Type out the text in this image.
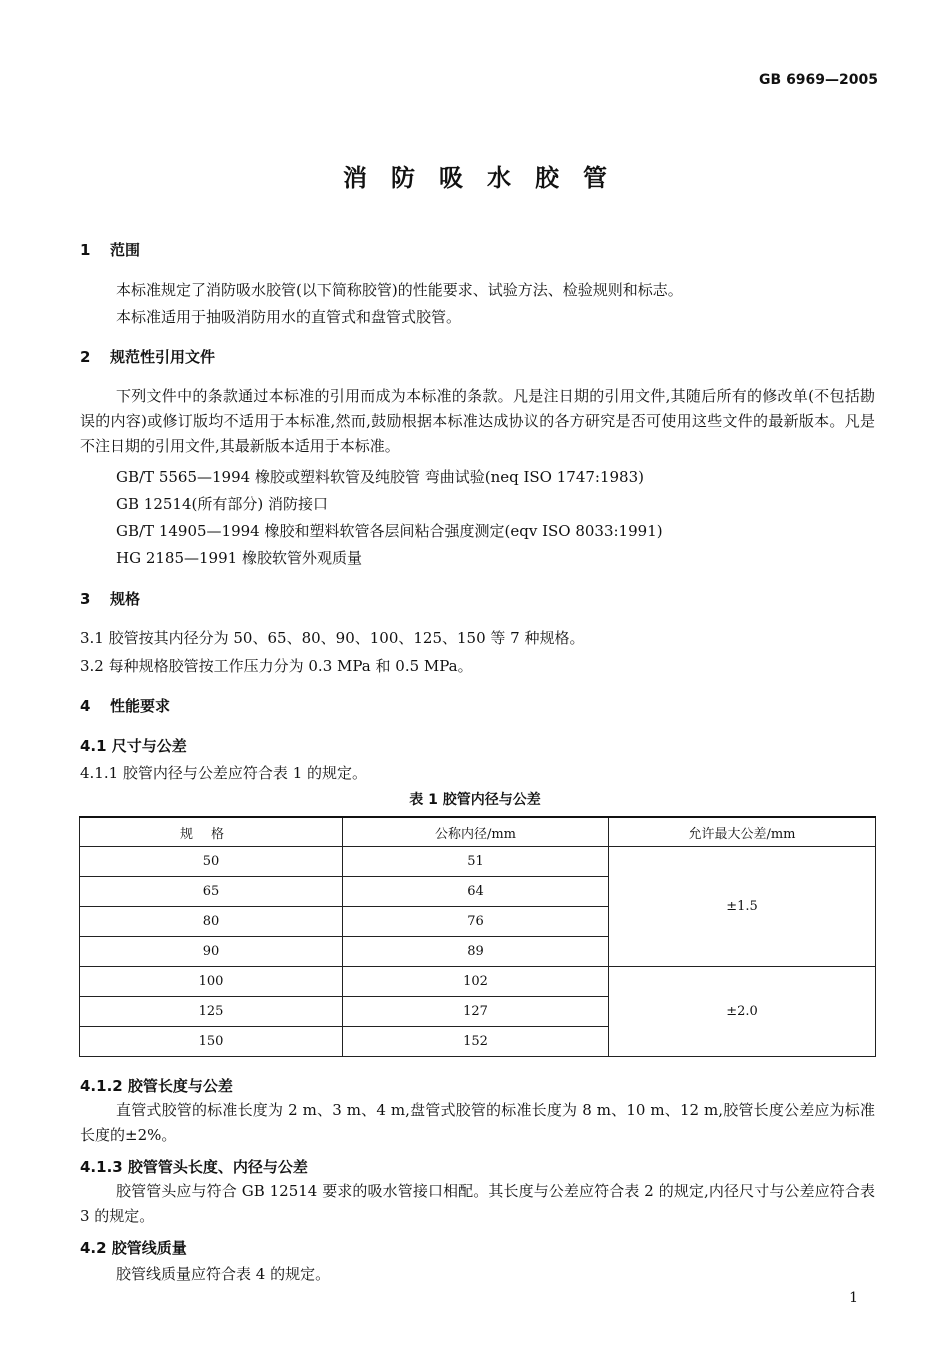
GB 6969—2005
消防吸水胶管
1 范围
本标准规定了消防吸水胶管(以下简称胶管)的性能要求、试验方法、检验规则和标志。
本标准适用于抽吸消防用水的直管式和盘管式胶管。
2 规范性引用文件
下列文件中的条款通过本标准的引用而成为本标准的条款。凡是注日期的引用文件,其随后所有的修改单(不包括勘误的内容)或修订版均不适用于本标准,然而,鼓励根据本标准达成协议的各方研究是否可使用这些文件的最新版本。凡是不注日期的引用文件,其最新版本适用于本标准。
GB/T 5565—1994 橡胶或塑料软管及纯胶管 弯曲试验(neq ISO 1747:1983)
GB 12514(所有部分) 消防接口
GB/T 14905—1994 橡胶和塑料软管各层间粘合强度测定(eqv ISO 8033:1991)
HG 2185—1991 橡胶软管外观质量
3 规格
3.1 胶管按其内径分为 50、65、80、90、100、125、150 等 7 种规格。
3.2 每种规格胶管按工作压力分为 0.3 MPa 和 0.5 MPa。
4 性能要求
4.1 尺寸与公差
4.1.1 胶管内径与公差应符合表 1 的规定。
表 1 胶管内径与公差
规格	公称内径/mm	允许最大公差/mm
50	51	±1.5
65	64	
80	76	
90	89	
100	102	±2.0
125	127	
150	152	
4.1.2 胶管长度与公差
直管式胶管的标准长度为 2 m、3 m、4 m,盘管式胶管的标准长度为 8 m、10 m、12 m,胶管长度公差应为标准长度的±2%。
4.1.3 胶管管头长度、内径与公差
胶管管头应与符合 GB 12514 要求的吸水管接口相配。其长度与公差应符合表 2 的规定,内径尺寸与公差应符合表 3 的规定。
4.2 胶管线质量
胶管线质量应符合表 4 的规定。
1
